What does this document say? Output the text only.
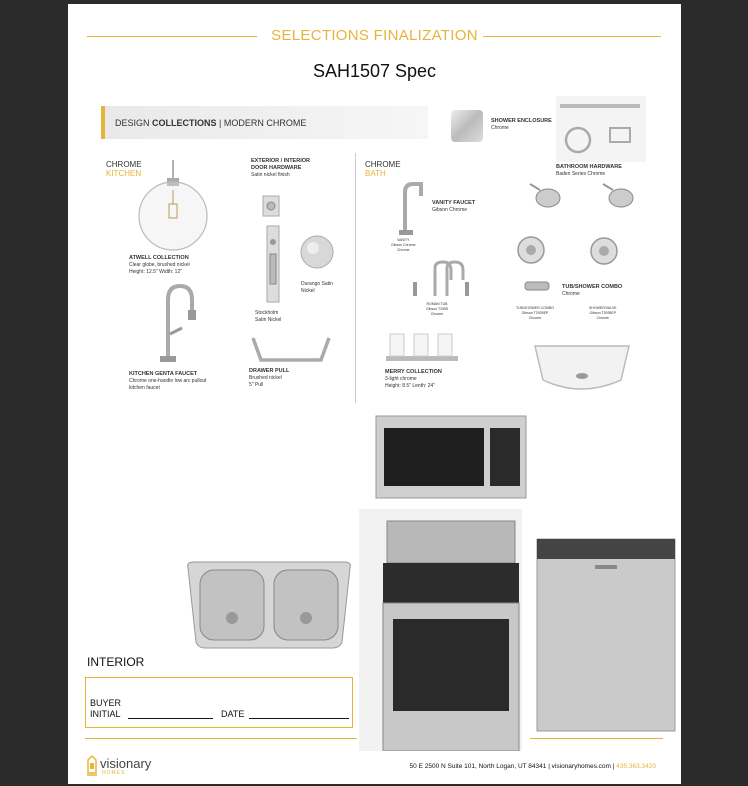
SELECTIONS FINALIZATION
SAH1507 Spec
DESIGN COLLECTIONS | MODERN CHROME
CHROME
KITCHEN
CHROME
BATH
ATWELL COLLECTION
Clear globe, brushed nickel
Height: 12.5" Width: 12"
KITCHEN GENTA FAUCET
Chrome one-handle low arc pullout
kitchen faucet
EXTERIOR / INTERIOR
DOOR HARDWARE
Satin nickel finish
Durango Satin
Nickel
Stockholm
Satin Nickel
DRAWER PULL
Brushed nickel
5" Pull
SHOWER ENCLOSURE
Chrome
BATHROOM HARDWARE
Baden Series Chrome
VANITY
Gibson Chrome
Chrome
VANITY FAUCET
Gibson Chrome
ROMAN TUB
Gibson T2955
Chrome
TUB/SHOWER COMBO
Chrome
TUB/SHOWER COMBO
Gibson T2935EP
Chrome
SHOWER/VALVE
Gibson T2935EP
Chrome
MERRY COLLECTION
3-light chrome
Height: 8.5" Lenth: 24"
INTERIOR
BUYER
INITIAL	DATE
visionary
HOMES
50 E 2500 N Suite 101, North Logan, UT 84341 | visionaryhomes.com | 435.363.3420
